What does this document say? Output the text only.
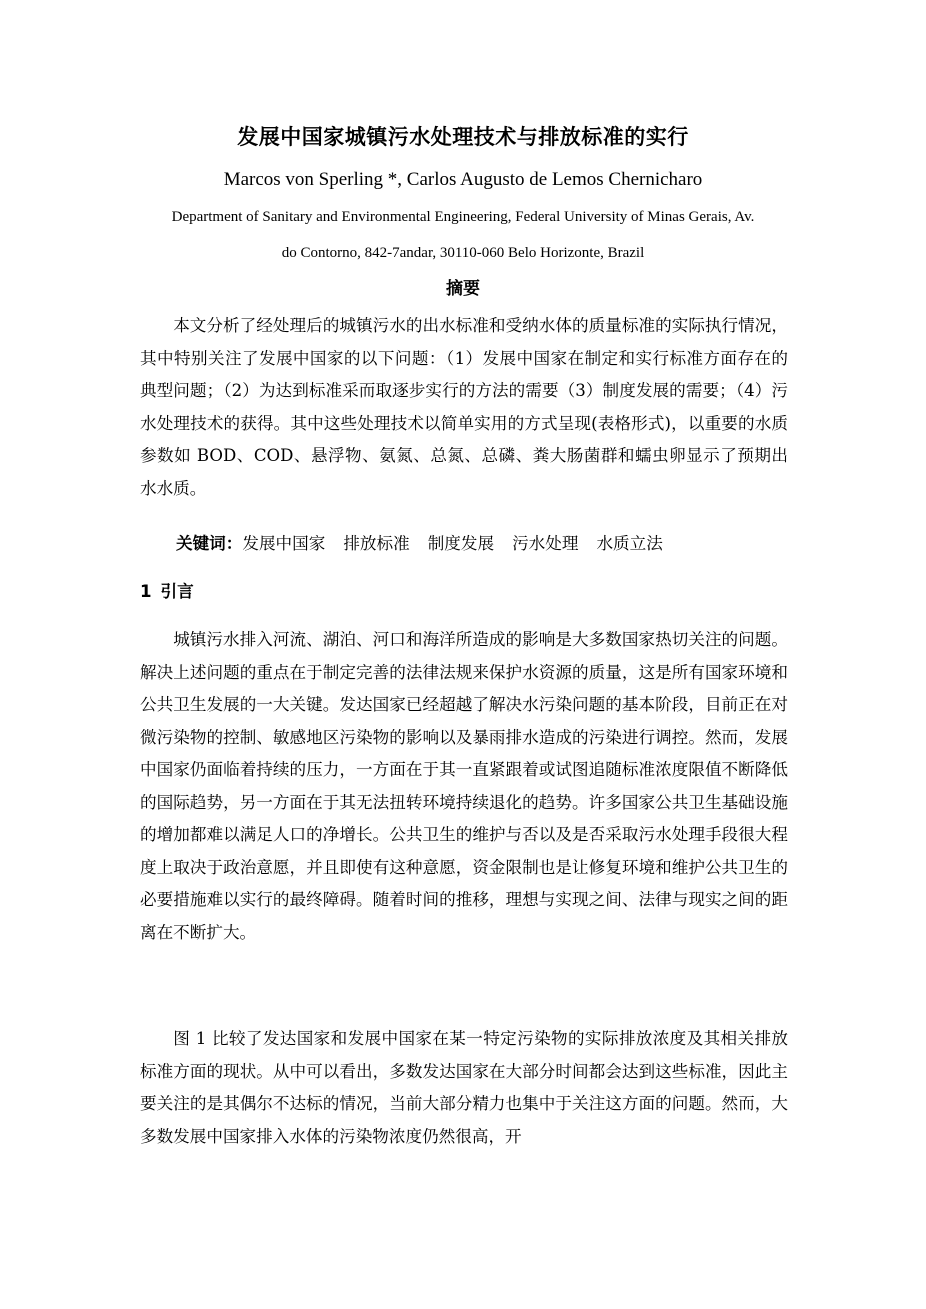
发展中国家城镇污水处理技术与排放标准的实行
Marcos von Sperling *, Carlos Augusto de Lemos Chernicharo
Department of Sanitary and Environmental Engineering, Federal University of Minas Gerais, Av.
do Contorno, 842-7andar, 30110-060 Belo Horizonte, Brazil
摘要

本文分析了经处理后的城镇污水的出水标准和受纳水体的质量标准的实际执行情况，其中特别关注了发展中国家的以下问题：（1）发展中国家在制定和实行标准方面存在的典型问题；（2）为达到标准采而取逐步实行的方法的需要（3）制度发展的需要；（4）污水处理技术的获得。其中这些处理技术以简单实用的方式呈现(表格形式)，以重要的水质参数如 BOD、COD、悬浮物、氨氮、总氮、总磷、粪大肠菌群和蠕虫卵显示了预期出水水质。

关键词：发展中国家 排放标准 制度发展 污水处理 水质立法
1 引言

城镇污水排入河流、湖泊、河口和海洋所造成的影响是大多数国家热切关注的问题。解决上述问题的重点在于制定完善的法律法规来保护水资源的质量，这是所有国家环境和公共卫生发展的一大关键。发达国家已经超越了解决水污染问题的基本阶段，目前正在对微污染物的控制、敏感地区污染物的影响以及暴雨排水造成的污染进行调控。然而，发展中国家仍面临着持续的压力，一方面在于其一直紧跟着或试图追随标准浓度限值不断降低的国际趋势，另一方面在于其无法扭转环境持续退化的趋势。许多国家公共卫生基础设施的增加都难以满足人口的净增长。公共卫生的维护与否以及是否采取污水处理手段很大程度上取决于政治意愿，并且即使有这种意愿，资金限制也是让修复环境和维护公共卫生的必要措施难以实行的最终障碍。随着时间的推移，理想与实现之间、法律与现实之间的距离在不断扩大。

图 1 比较了发达国家和发展中国家在某一特定污染物的实际排放浓度及其相关排放标准方面的现状。从中可以看出，多数发达国家在大部分时间都会达到这些标准，因此主要关注的是其偶尔不达标的情况，当前大部分精力也集中于关注这方面的问题。然而，大多数发展中国家排入水体的污染物浓度仍然很高，开
